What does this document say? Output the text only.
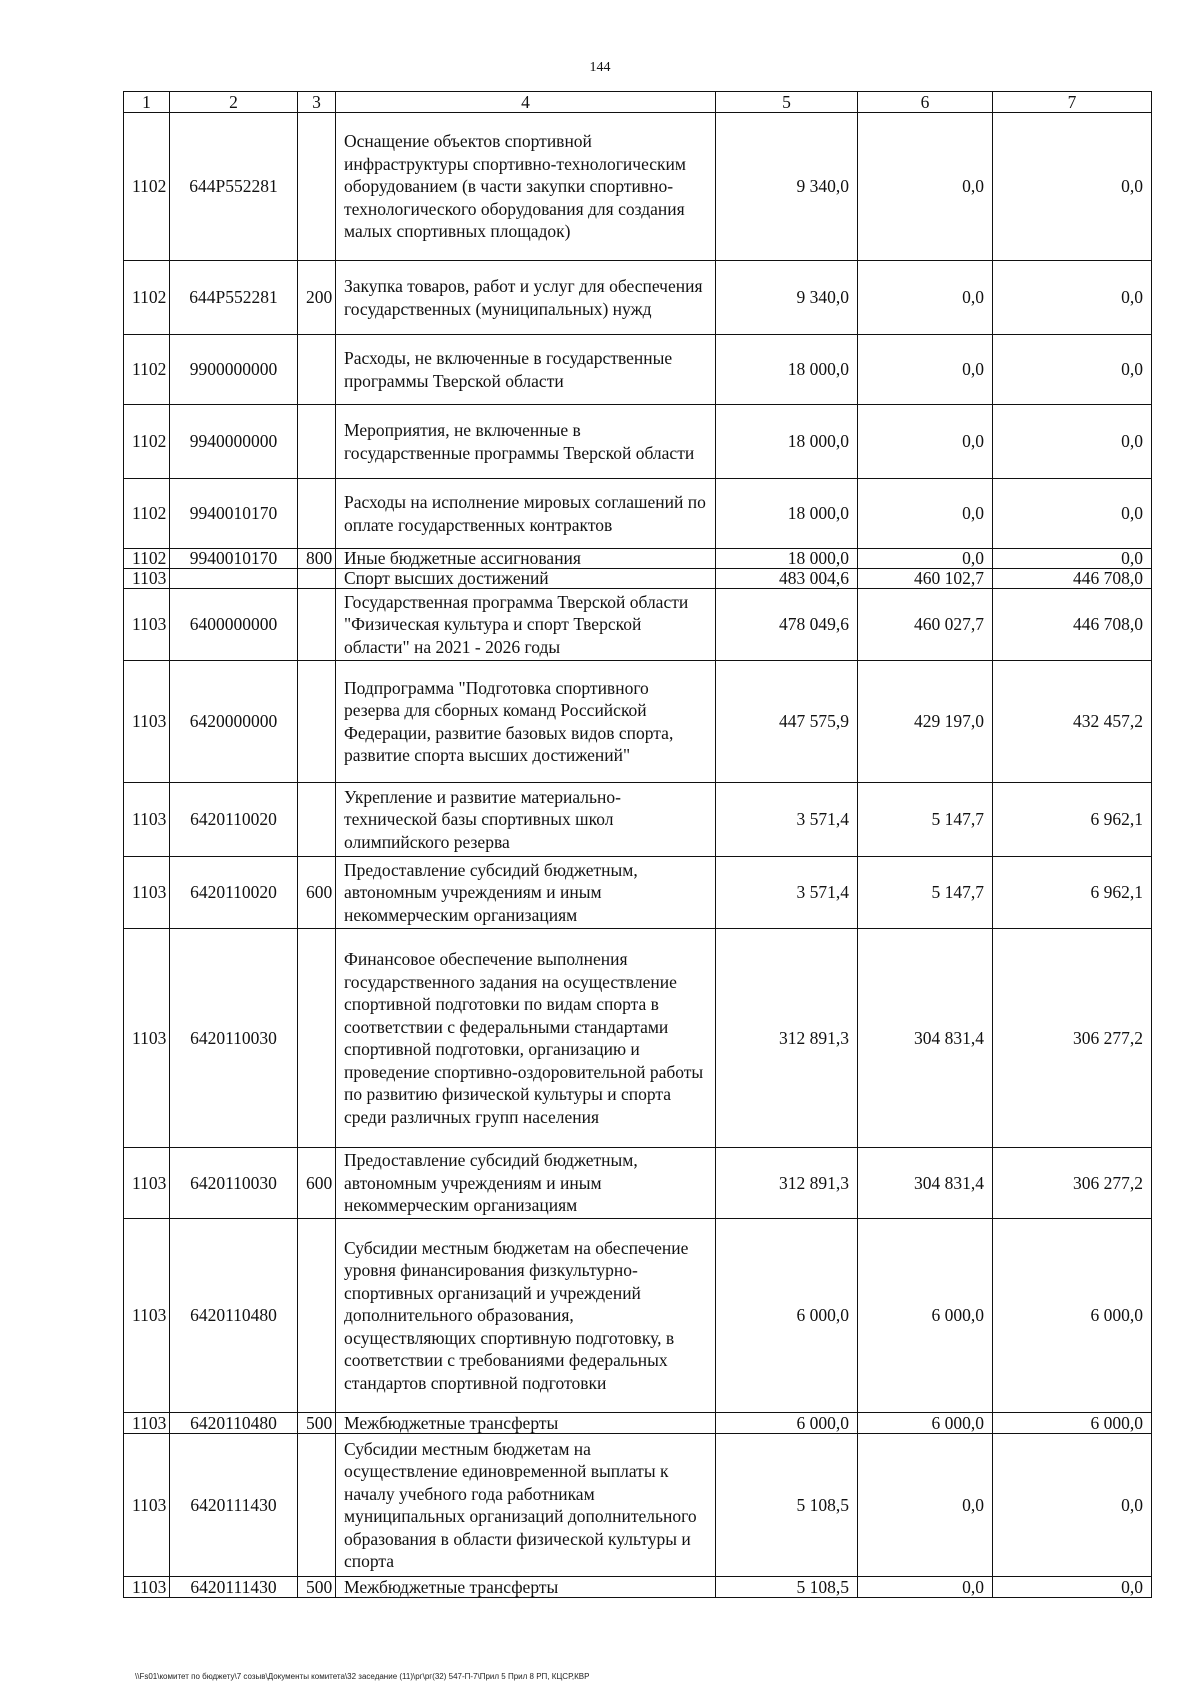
144
1	2	3	4	5	6	7
1102	644P552281		Оснащение объектов спортивной инфраструктуры спортивно-технологическим оборудованием (в части закупки спортивно-технологического оборудования для создания малых спортивных площадок)	9 340,0	0,0	0,0
1102	644P552281	200	Закупка товаров, работ и услуг для обеспечения государственных (муниципальных) нужд	9 340,0	0,0	0,0
1102	9900000000		Расходы, не включенные в государственные программы Тверской области	18 000,0	0,0	0,0
1102	9940000000		Мероприятия, не включенные в государственные программы Тверской области	18 000,0	0,0	0,0
1102	9940010170		Расходы на исполнение мировых соглашений по оплате государственных контрактов	18 000,0	0,0	0,0
1102	9940010170	800	Иные бюджетные ассигнования	18 000,0	0,0	0,0
1103			Спорт высших достижений	483 004,6	460 102,7	446 708,0
1103	6400000000		Государственная программа Тверской области "Физическая культура и спорт Тверской области" на 2021 - 2026 годы	478 049,6	460 027,7	446 708,0
1103	6420000000		Подпрограмма "Подготовка спортивного резерва для сборных команд Российской Федерации, развитие базовых видов спорта, развитие спорта высших достижений"	447 575,9	429 197,0	432 457,2
1103	6420110020		Укрепление и развитие материально-технической базы спортивных школ олимпийского резерва	3 571,4	5 147,7	6 962,1
1103	6420110020	600	Предоставление субсидий бюджетным, автономным учреждениям и иным некоммерческим организациям	3 571,4	5 147,7	6 962,1
1103	6420110030		Финансовое обеспечение выполнения государственного задания на осуществление спортивной подготовки по видам спорта в соответствии с федеральными стандартами спортивной подготовки, организацию и проведение спортивно-оздоровительной работы по развитию физической культуры и спорта среди различных групп населения	312 891,3	304 831,4	306 277,2
1103	6420110030	600	Предоставление субсидий бюджетным, автономным учреждениям и иным некоммерческим организациям	312 891,3	304 831,4	306 277,2
1103	6420110480		Субсидии местным бюджетам на обеспечение уровня финансирования физкультурно-спортивных организаций и учреждений дополнительного образования, осуществляющих спортивную подготовку, в соответствии с требованиями федеральных стандартов спортивной подготовки	6 000,0	6 000,0	6 000,0
1103	6420110480	500	Межбюджетные трансферты	6 000,0	6 000,0	6 000,0
1103	6420111430		Субсидии местным бюджетам на осуществление единовременной выплаты к началу учебного года работникам муниципальных организаций дополнительного образования в области физической культуры и спорта	5 108,5	0,0	0,0
1103	6420111430	500	Межбюджетные трансферты	5 108,5	0,0	0,0
\\Fs01\комитет по бюджету\7 созыв\Документы комитета\32 заседание (11)\рг\рг(32) 547-П-7\Прил 5 Прил 8 РП, КЦСР,КВР
